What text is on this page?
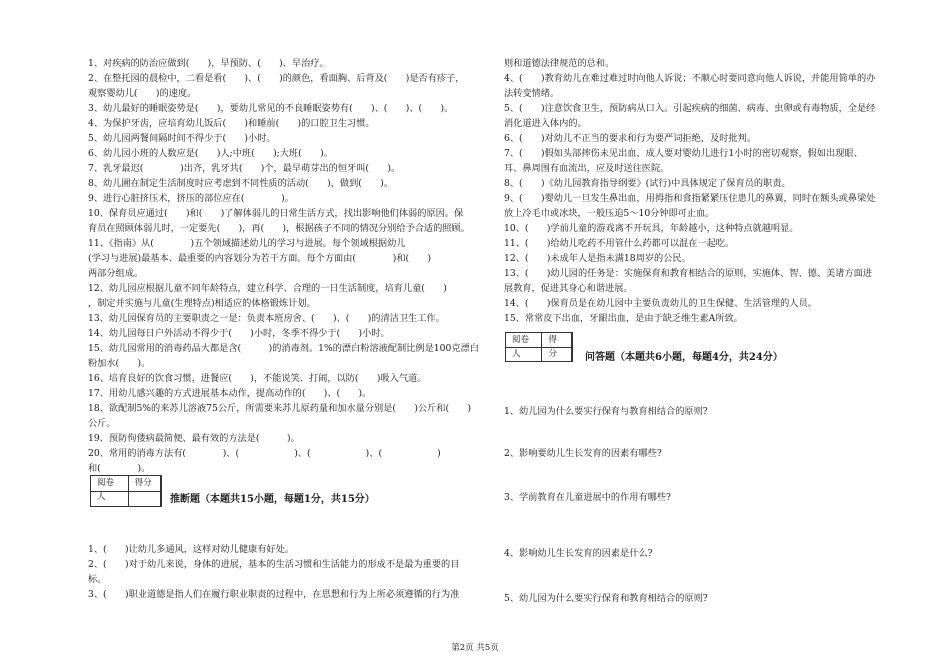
1、对疾病的防治应做到(　　)，早预防、(　　)、早治疗。
2、在整托园的晨检中，二看是看(　　)、(　　)的颜色，看面胸、后背及(　　)是否有疹子，
观察婴幼儿(　　)的速度。
3、幼儿最好的睡眠姿势是(　　)，要幼儿常见的不良睡眠姿势有(　　)、(　　)、(　　)。
4、为保护牙齿，应培育幼儿饭后(　　)和睡前(　　)的口腔卫生习惯。
5、幼儿园两餐间隔时间不得少于(　　)小时。
6、幼儿园小班的人数应是(　　)人;中班(　　);大班(　　)。
7、乳牙最迟(　　　　)出齐，乳牙共(　　)个，最早萌芽出的恒牙叫(　　)。
8、幼儿圃在制定生活制度时应考虑到不同性质的活动(　　)，做到(　　)。
9、进行心脏挤压术，挤压的部位应在(　　　　)。
10、保育员应通过(　　)和(　　)了解体弱儿的日常生活方式，找出影响他们体弱的原因。保
育员在照顾体弱儿时，一定要先(　　)，再(　　)，根据孩子不同的情况分别给予合适的照顾。
11、《指南》从(　　　　)五个领域描述幼儿的学习与进展。每个领域根据幼儿
(学习与进展)最基本、最重要的内容划分为若干方面。每个方面由(　　　　)和(　　)
两部分组成。
12、幼儿园应根据儿童不同年龄特点，建立科学、合理的一日生活制度，培育儿童(　　)
，制定并实施与儿童(生理特点)相适应的体格锻炼计划。
13、幼儿园保育员的主要职责之一是：负责本班房舍、(　　)、(　　)的清洁卫生工作。
14、幼儿园每日户外活动不得少于(　　)小时，冬季不得少于(　　)小时。
15、幼儿园常用的消毒药品大都是含(　　　)的消毒剂。1%的漂白粉溶液配制比例是100克漂白
粉加水(　　)。
16、培育良好的饮食习惯，进餐应(　　)，不能说笑、打闹，以防(　　)吸入气道。
17、用幼儿感兴趣的方式进展基本动作，提高动作的(　　)、(　　)。
18、欲配制5%的来苏儿溶液75公斤，所需要来苏儿原药量和加水量分别是(　　)公斤和(　　)
公斤。
19、预防佝偻病最简便、最有效的方法是(　　　)。
20、常用的消毒方法有(　　　　)、(　　　　　　)、(　　　　　　)、(　　　　　　)
和(　　　　)。
阅卷人
得分
推断题（本题共15小题，每题1分，共15分）
1、(　　)让幼儿多通风，这样对幼儿健康有好处。
2、(　　)对于幼儿来说，身体的进展，基本的生活习惯和生活能力的形成不是最为重要的目
标。
3、(　　)职业道德是指人们在履行职业职责的过程中，在思想和行为上所必须遵循的行为准
则和道德法律规范的总和。
4、(　　)教育幼儿在难过难过时向他人诉说；不顺心时要同意向他人诉说，并能用简单的办
法转变情绪。
5、(　　)注意饮食卫生，预防病从口入。引起疾病的细菌、病毒、虫卵或有毒物质，全是经
消化道进入体内的。
6、(　　)对幼儿不正当的要求和行为要严词拒绝，及时批判。
7、(　　)假如头部摔伤未见出血，成人要对婴幼儿进行1小时的密切观察，假如出现眼、
耳、鼻周围有血流出，应及时送往医院。
8、(　　)《幼儿园教育指导纲要》(试行)中具体规定了保育员的职责。
9、(　　)婴幼儿一旦发生鼻出血，用拇指和食指紧紧压住患儿的鼻翼，同时在额头或鼻梁处
放上冷毛巾或冰块，一般压迫5～10分钟即可止血。
10、(　　)学前儿童的游戏离不开玩具，年龄越小，这种特点就越明显。
11、(　　)给幼儿吃药不用管什么药都可以混在一起吃。
12、(　　)未成年人是指未满18周岁的公民。
13、(　　)幼儿园的任务是：实施保育和教育相结合的原则，实施体、智、德、美诸方面进
展教育，促进其身心和谐进展。
14、(　　)保育员是在幼儿园中主要负责幼儿的卫生保健、生活管理的人员。
15、常常皮下出血，牙龈出血，是由于缺乏维生素A所致。
阅卷人
得分	问答题（本题共6小题，每题4分，共24分）
1、幼儿园为什么要实行保育与教育相结合的原则?
2、影响要幼儿生长发育的因素有哪些?
3、学前教育在儿童进展中的作用有哪些?
4、影响幼儿生长发育的因素是什么?
5、幼儿园为什么要实行保育和教育相结合的原则?
第2页 共5页
